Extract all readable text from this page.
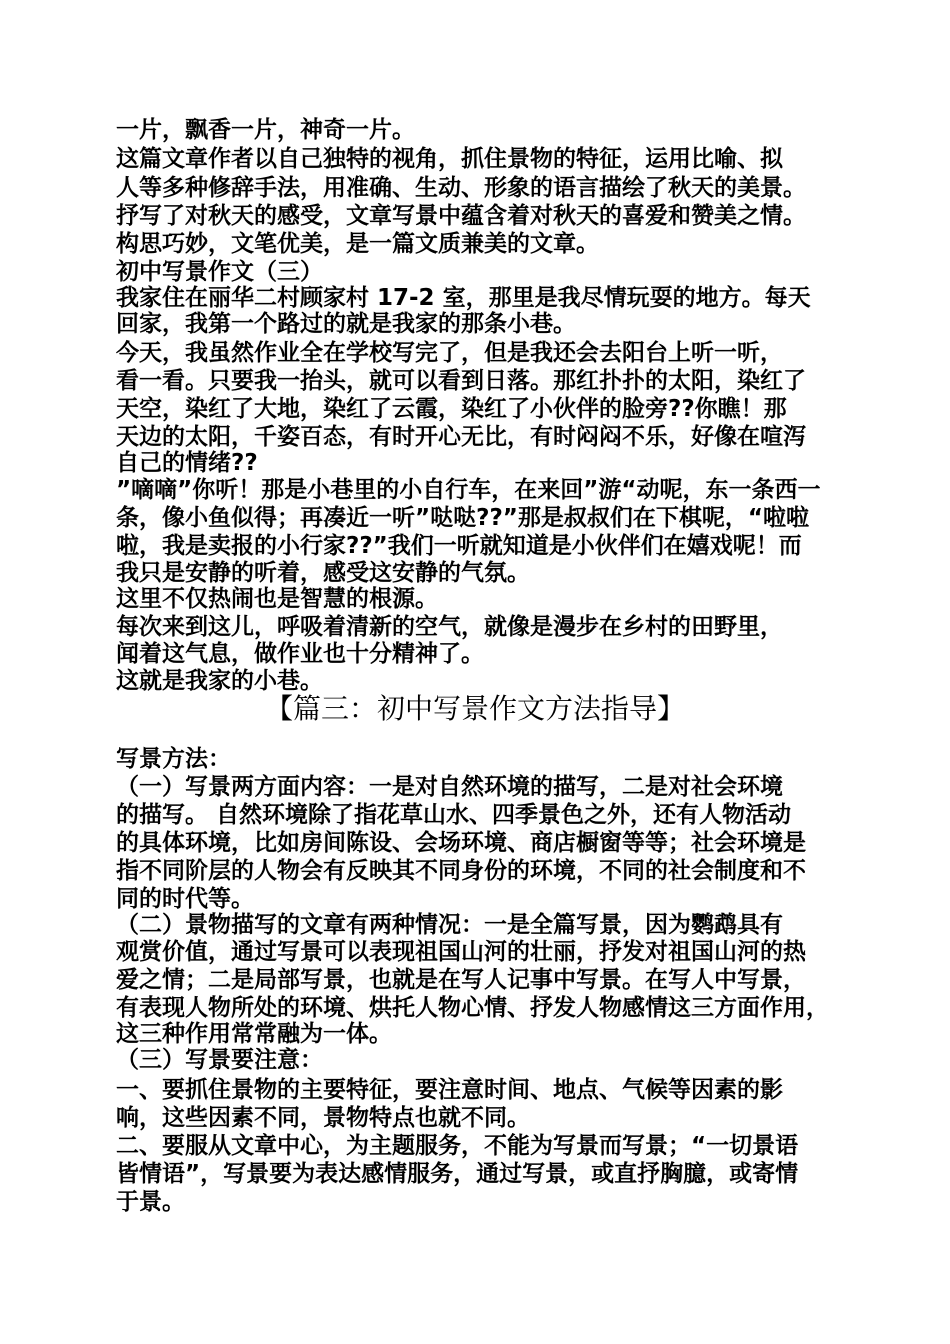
一片，飘香一片，神奇一片。
这篇文章作者以自己独特的视角，抓住景物的特征，运用比喻、拟
人等多种修辞手法，用准确、生动、形象的语言描绘了秋天的美景。
抒写了对秋天的感受，文章写景中蕴含着对秋天的喜爱和赞美之情。
构思巧妙，文笔优美，是一篇文质兼美的文章。
初中写景作文（三）
我家住在丽华二村顾家村 17-2 室，那里是我尽情玩耍的地方。每天
回家，我第一个路过的就是我家的那条小巷。
今天，我虽然作业全在学校写完了，但是我还会去阳台上听一听，
看一看。只要我一抬头，就可以看到日落。那红扑扑的太阳，染红了
天空，染红了大地，染红了云霞，染红了小伙伴的脸旁??你瞧！那
天边的太阳，千姿百态，有时开心无比，有时闷闷不乐，好像在喧泻
自己的情绪??
”嘀嘀”你听！那是小巷里的小自行车，在来回”游“动呢，东一条西一
条，像小鱼似得；再凑近一听”哒哒??”那是叔叔们在下棋呢，“啦啦
啦，我是卖报的小行家??”我们一听就知道是小伙伴们在嬉戏呢！而
我只是安静的听着，感受这安静的气氛。
这里不仅热闹也是智慧的根源。
每次来到这儿，呼吸着清新的空气，就像是漫步在乡村的田野里，
闻着这气息，做作业也十分精神了。
这就是我家的小巷。
【篇三：初中写景作文方法指导】
写景方法：
（一）写景两方面内容：一是对自然环境的描写，二是对社会环境
的描写。 自然环境除了指花草山水、四季景色之外，还有人物活动
的具体环境，比如房间陈设、会场环境、商店橱窗等等；社会环境是
指不同阶层的人物会有反映其不同身份的环境，不同的社会制度和不
同的时代等。
（二）景物描写的文章有两种情况：一是全篇写景，因为鹦鹉具有
观赏价值，通过写景可以表现祖国山河的壮丽，抒发对祖国山河的热
爱之情；二是局部写景，也就是在写人记事中写景。在写人中写景，
有表现人物所处的环境、烘托人物心情、抒发人物感情这三方面作用，
这三种作用常常融为一体。
（三）写景要注意：
一、要抓住景物的主要特征，要注意时间、地点、气候等因素的影
响，这些因素不同，景物特点也就不同。
二、要服从文章中心，为主题服务，不能为写景而写景；“一切景语
皆情语”，写景要为表达感情服务，通过写景，或直抒胸臆，或寄情
于景。
